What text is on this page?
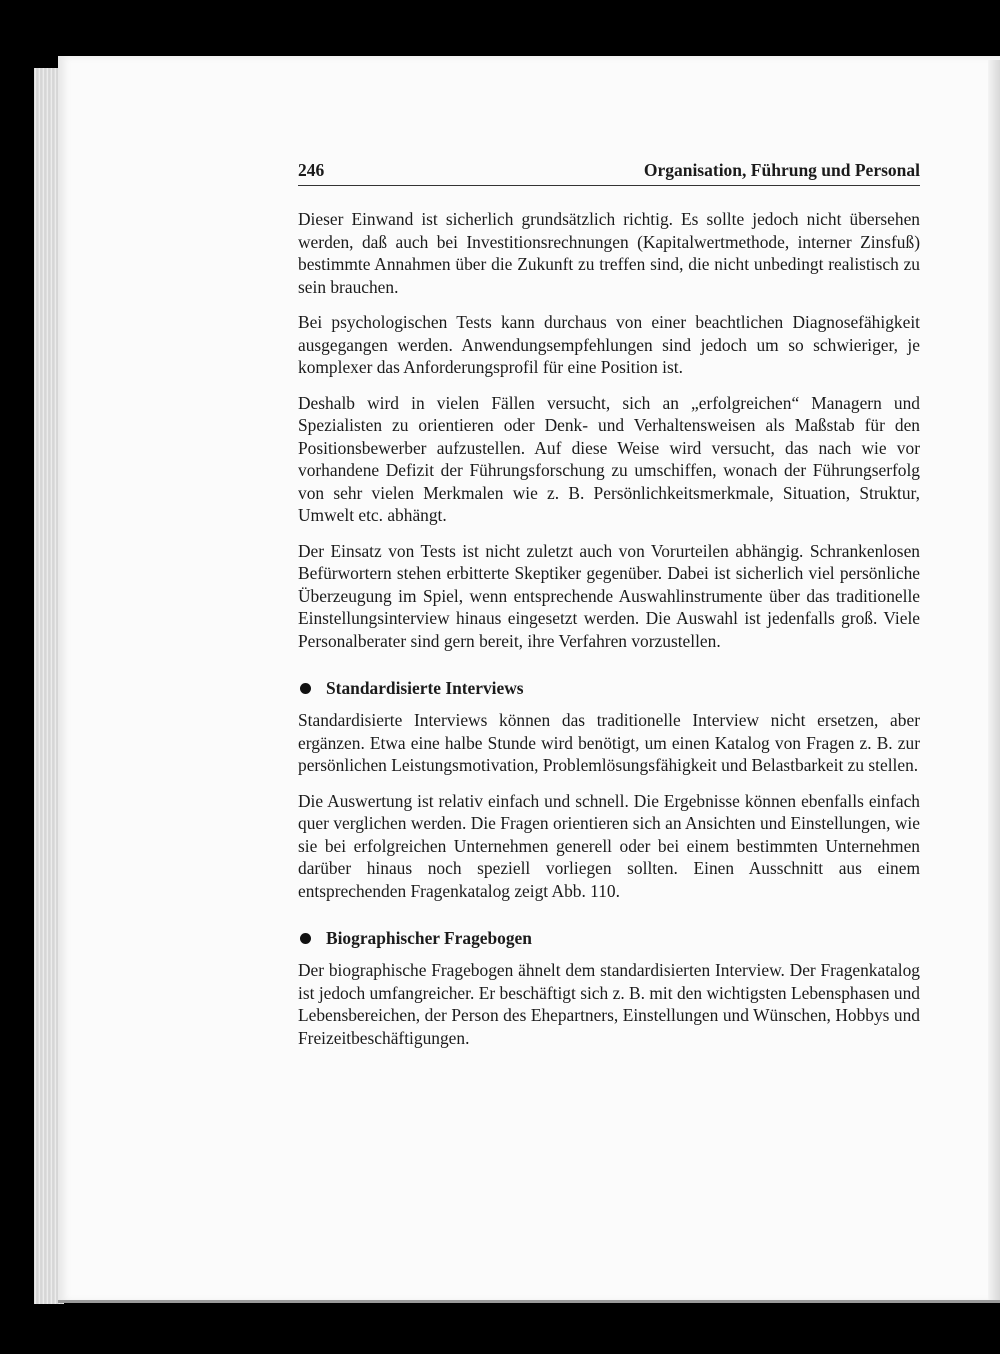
246	Organisation, Führung und Personal

Dieser Einwand ist sicherlich grundsätzlich richtig. Es sollte jedoch nicht übersehen werden, daß auch bei Investitionsrechnungen (Kapitalwertmethode, interner Zinsfuß) bestimmte Annahmen über die Zukunft zu treffen sind, die nicht unbedingt realistisch zu sein brauchen.

Bei psychologischen Tests kann durchaus von einer beachtlichen Diagnosefähigkeit ausgegangen werden. Anwendungsempfehlungen sind jedoch um so schwieriger, je komplexer das Anforderungsprofil für eine Position ist.

Deshalb wird in vielen Fällen versucht, sich an „erfolgreichen“ Managern und Spezialisten zu orientieren oder Denk- und Verhaltensweisen als Maßstab für den Positionsbewerber aufzustellen. Auf diese Weise wird versucht, das nach wie vor vorhandene Defizit der Führungsforschung zu umschiffen, wonach der Führungserfolg von sehr vielen Merkmalen wie z. B. Persönlichkeitsmerkmale, Situation, Struktur, Umwelt etc. abhängt.

Der Einsatz von Tests ist nicht zuletzt auch von Vorurteilen abhängig. Schrankenlosen Befürwortern stehen erbitterte Skeptiker gegenüber. Dabei ist sicherlich viel persönliche Überzeugung im Spiel, wenn entsprechende Auswahlinstrumente über das traditionelle Einstellungsinterview hinaus eingesetzt werden. Die Auswahl ist jedenfalls groß. Viele Personalberater sind gern bereit, ihre Verfahren vorzustellen.

Standardisierte Interviews

Standardisierte Interviews können das traditionelle Interview nicht ersetzen, aber ergänzen. Etwa eine halbe Stunde wird benötigt, um einen Katalog von Fragen z. B. zur persönlichen Leistungsmotivation, Problemlösungsfähigkeit und Belastbarkeit zu stellen.

Die Auswertung ist relativ einfach und schnell. Die Ergebnisse können ebenfalls einfach quer verglichen werden. Die Fragen orientieren sich an Ansichten und Einstellungen, wie sie bei erfolgreichen Unternehmen generell oder bei einem bestimmten Unternehmen darüber hinaus noch speziell vorliegen sollten. Einen Ausschnitt aus einem entsprechenden Fragenkatalog zeigt Abb. 110.

Biographischer Fragebogen

Der biographische Fragebogen ähnelt dem standardisierten Interview. Der Fragenkatalog ist jedoch umfangreicher. Er beschäftigt sich z. B. mit den wichtigsten Lebensphasen und Lebensbereichen, der Person des Ehepartners, Einstellungen und Wünschen, Hobbys und Freizeitbeschäftigungen.
